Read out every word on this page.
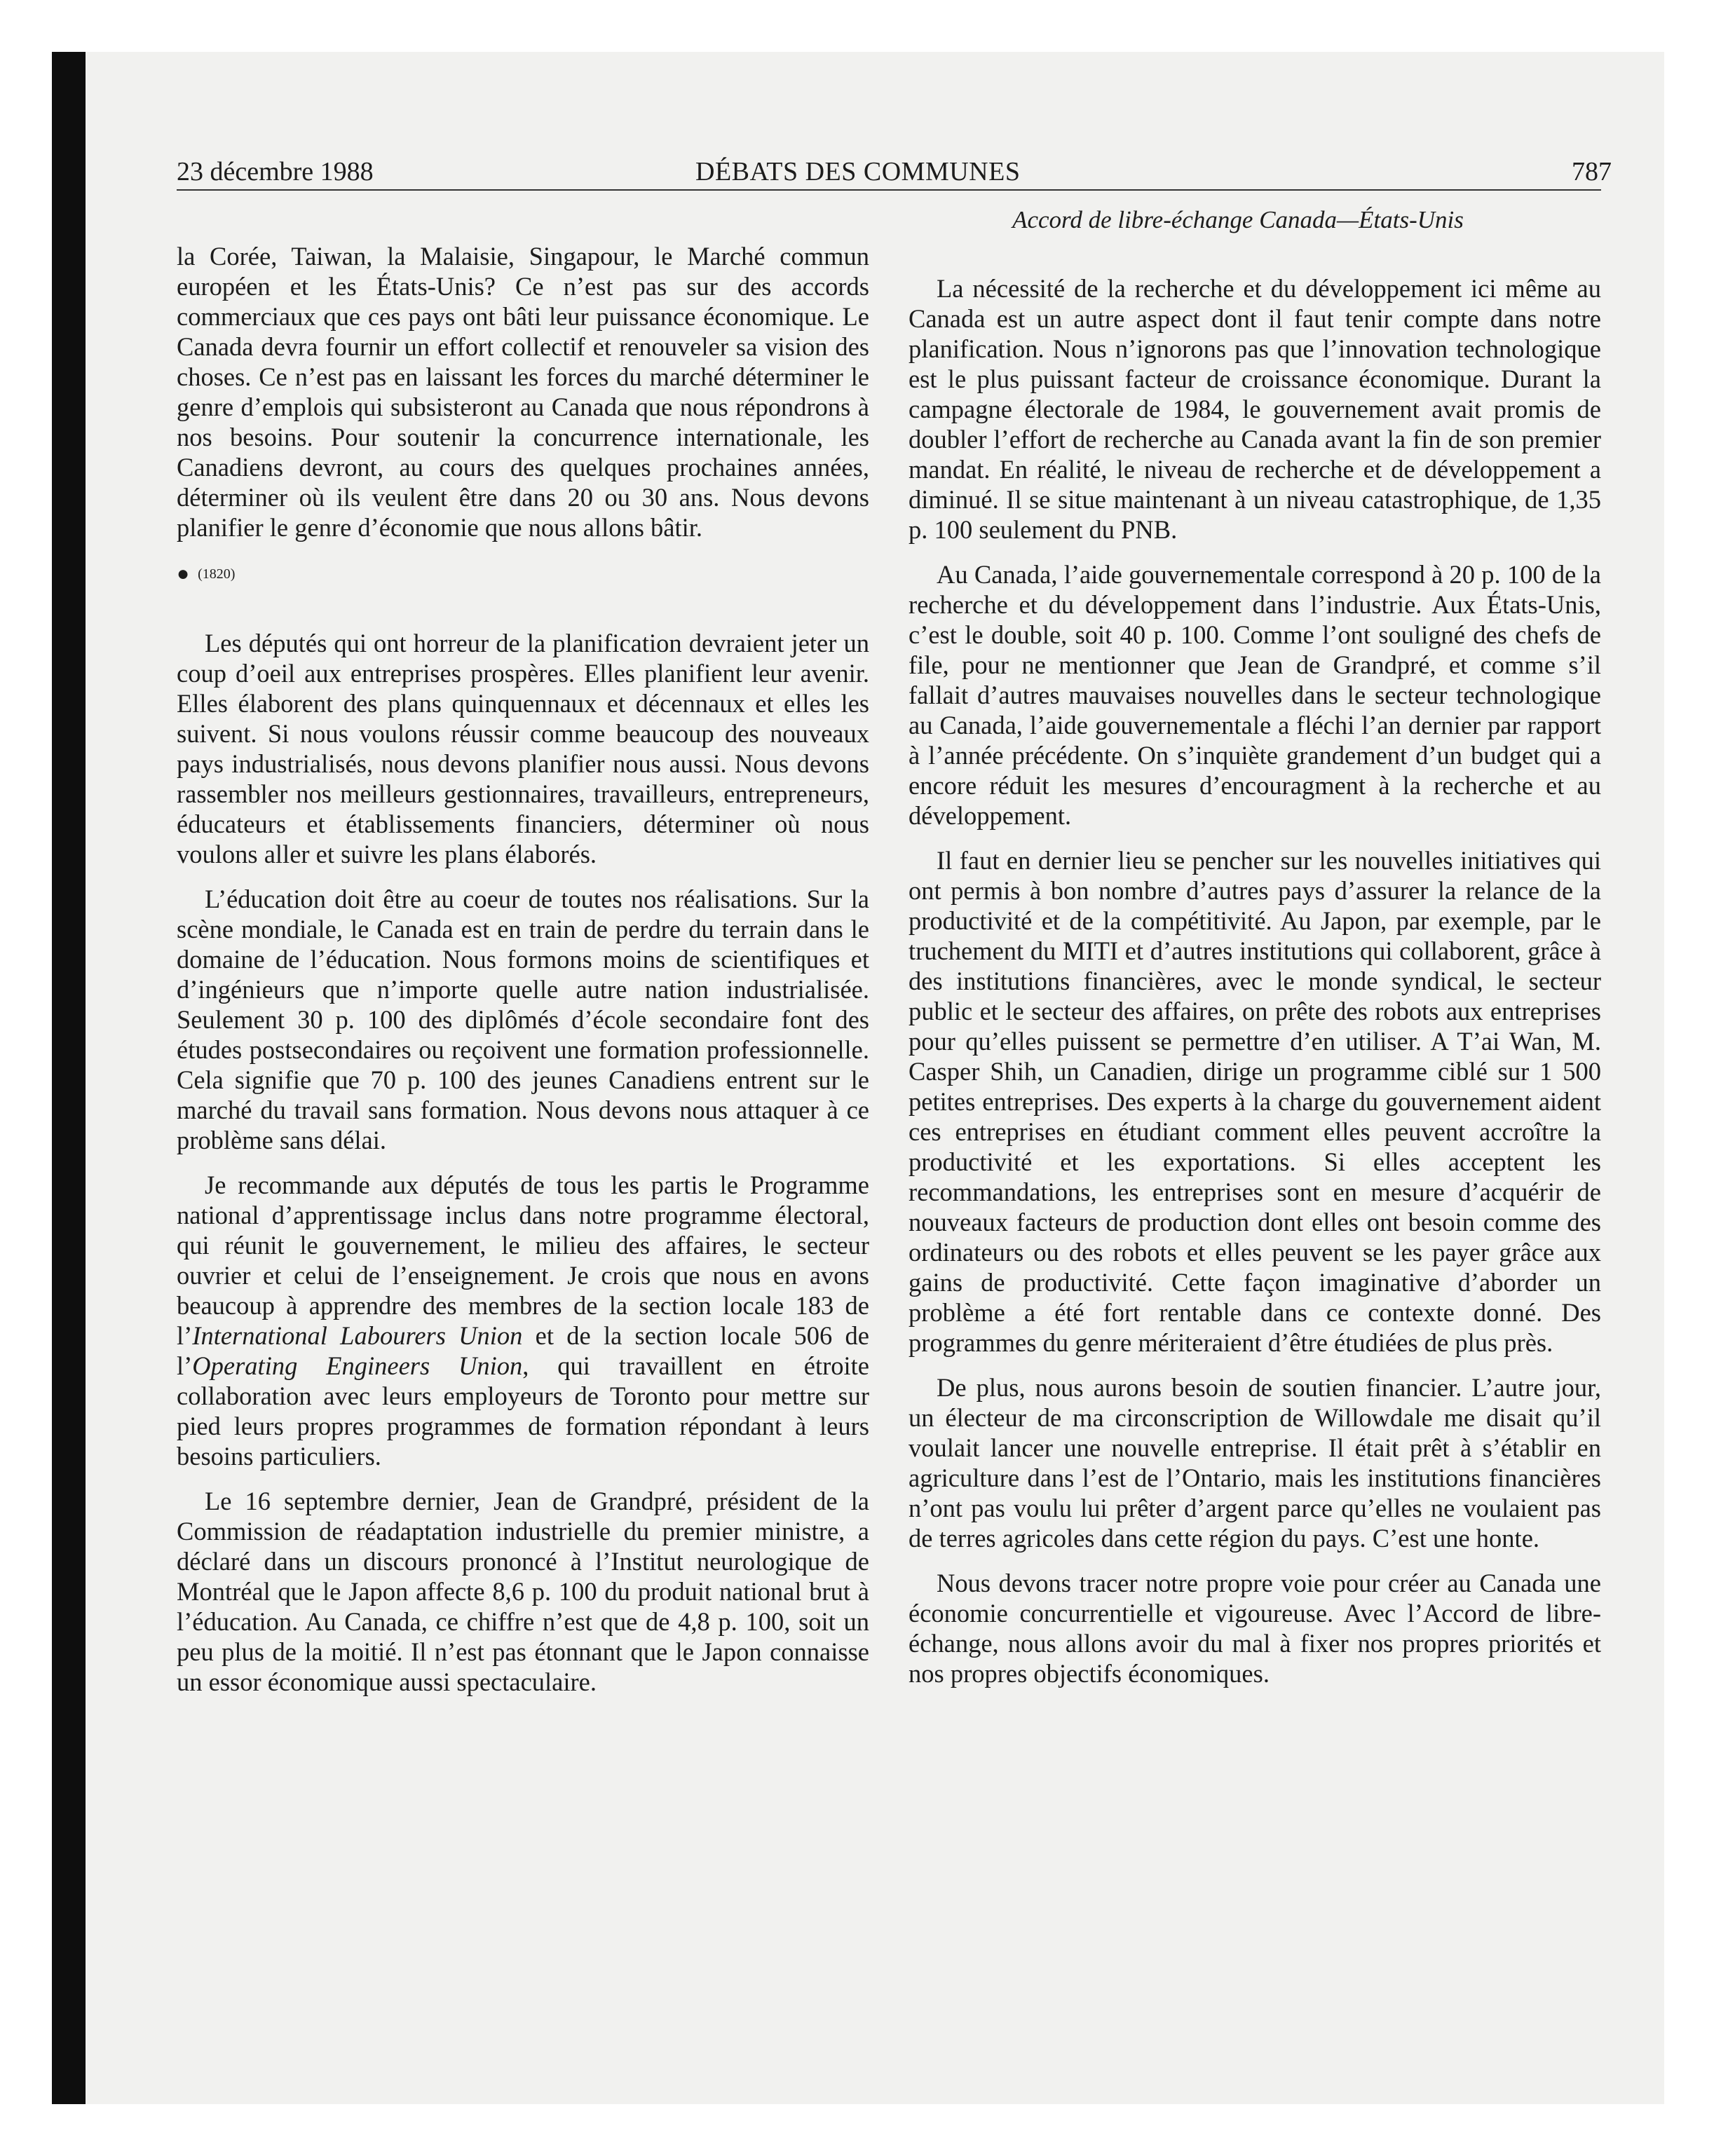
23 décembre 1988	DÉBATS DES COMMUNES	787
Accord de libre-échange Canada—États-Unis

la Corée, Taiwan, la Malaisie, Singapour, le Marché commun européen et les États-Unis? Ce n’est pas sur des accords commerciaux que ces pays ont bâti leur puissance économique. Le Canada devra fournir un effort collectif et renouveler sa vision des choses. Ce n’est pas en laissant les forces du marché déterminer le genre d’emplois qui subsisteront au Canada que nous répondrons à nos besoins. Pour soutenir la concurrence internationale, les Canadiens devront, au cours des quelques prochaines années, déterminer où ils veulent être dans 20 ou 30 ans. Nous devons planifier le genre d’économie que nous allons bâtir.

● (1820)

Les députés qui ont horreur de la planification devraient jeter un coup d’oeil aux entreprises prospères. Elles planifient leur avenir. Elles élaborent des plans quinquennaux et décennaux et elles les suivent. Si nous voulons réussir comme beaucoup des nouveaux pays industrialisés, nous devons planifier nous aussi. Nous devons rassembler nos meilleurs gestionnaires, travailleurs, entrepreneurs, éducateurs et établissements financiers, déterminer où nous voulons aller et suivre les plans élaborés.

L’éducation doit être au coeur de toutes nos réalisations. Sur la scène mondiale, le Canada est en train de perdre du terrain dans le domaine de l’éducation. Nous formons moins de scientifiques et d’ingénieurs que n’importe quelle autre nation industrialisée. Seulement 30 p. 100 des diplômés d’école secondaire font des études postsecondaires ou reçoivent une formation professionnelle. Cela signifie que 70 p. 100 des jeunes Canadiens entrent sur le marché du travail sans formation. Nous devons nous attaquer à ce problème sans délai.

Je recommande aux députés de tous les partis le Programme national d’apprentissage inclus dans notre programme électoral, qui réunit le gouvernement, le milieu des affaires, le secteur ouvrier et celui de l’enseignement. Je crois que nous en avons beaucoup à apprendre des membres de la section locale 183 de l’International Labourers Union et de la section locale 506 de l’Operating Engineers Union, qui travaillent en étroite collaboration avec leurs employeurs de Toronto pour mettre sur pied leurs propres programmes de formation répondant à leurs besoins particuliers.

Le 16 septembre dernier, Jean de Grandpré, président de la Commission de réadaptation industrielle du premier ministre, a déclaré dans un discours prononcé à l’Institut neurologique de Montréal que le Japon affecte 8,6 p. 100 du produit national brut à l’éducation. Au Canada, ce chiffre n’est que de 4,8 p. 100, soit un peu plus de la moitié. Il n’est pas étonnant que le Japon connaisse un essor économique aussi spectaculaire.

La nécessité de la recherche et du développement ici même au Canada est un autre aspect dont il faut tenir compte dans notre planification. Nous n’ignorons pas que l’innovation technologique est le plus puissant facteur de croissance économique. Durant la campagne électorale de 1984, le gouvernement avait promis de doubler l’effort de recherche au Canada avant la fin de son premier mandat. En réalité, le niveau de recherche et de développement a diminué. Il se situe maintenant à un niveau catastrophique, de 1,35 p. 100 seulement du PNB.

Au Canada, l’aide gouvernementale correspond à 20 p. 100 de la recherche et du développement dans l’industrie. Aux États-Unis, c’est le double, soit 40 p. 100. Comme l’ont souligné des chefs de file, pour ne mentionner que Jean de Grandpré, et comme s’il fallait d’autres mauvaises nouvelles dans le secteur technologique au Canada, l’aide gouvernementale a fléchi l’an dernier par rapport à l’année précédente. On s’inquiète grandement d’un budget qui a encore réduit les mesures d’encouragment à la recherche et au développement.

Il faut en dernier lieu se pencher sur les nouvelles initiatives qui ont permis à bon nombre d’autres pays d’assurer la relance de la productivité et de la compétitivité. Au Japon, par exemple, par le truchement du MITI et d’autres institutions qui collaborent, grâce à des institutions financières, avec le monde syndical, le secteur public et le secteur des affaires, on prête des robots aux entreprises pour qu’elles puissent se permettre d’en utiliser. A T’ai Wan, M. Casper Shih, un Canadien, dirige un programme ciblé sur 1 500 petites entreprises. Des experts à la charge du gouvernement aident ces entreprises en étudiant comment elles peuvent accroître la productivité et les exportations. Si elles acceptent les recommandations, les entreprises sont en mesure d’acquérir de nouveaux facteurs de production dont elles ont besoin comme des ordinateurs ou des robots et elles peuvent se les payer grâce aux gains de productivité. Cette façon imaginative d’aborder un problème a été fort rentable dans ce contexte donné. Des programmes du genre mériteraient d’être étudiées de plus près.

De plus, nous aurons besoin de soutien financier. L’autre jour, un électeur de ma circonscription de Willowdale me disait qu’il voulait lancer une nouvelle entreprise. Il était prêt à s’établir en agriculture dans l’est de l’Ontario, mais les institutions financières n’ont pas voulu lui prêter d’argent parce qu’elles ne voulaient pas de terres agricoles dans cette région du pays. C’est une honte.

Nous devons tracer notre propre voie pour créer au Canada une économie concurrentielle et vigoureuse. Avec l’Accord de libre-échange, nous allons avoir du mal à fixer nos propres priorités et nos propres objectifs économiques.
